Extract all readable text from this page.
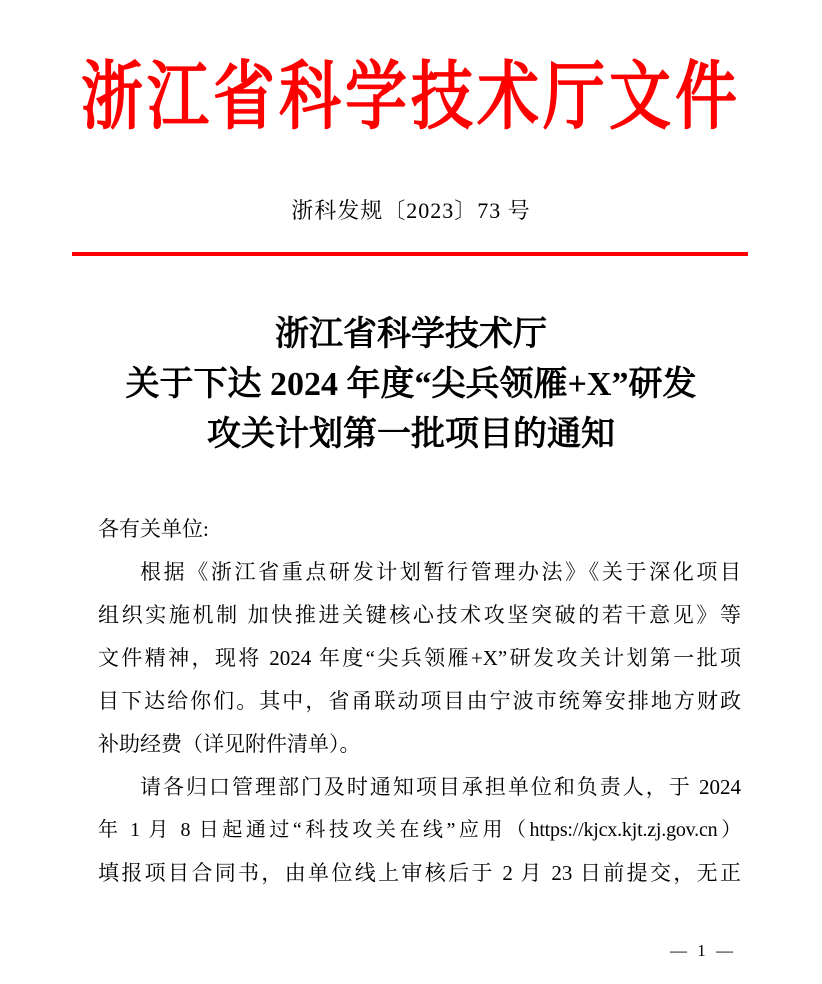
浙江省科学技术厅文件
浙科发规〔2023〕73 号
浙江省科学技术厅
关于下达 2024 年度“尖兵领雁+X”研发
攻关计划第一批项目的通知
各有关单位:
根据《浙江省重点研发计划暂行管理办法》《关于深化项目
组织实施机制 加快推进关键核心技术攻坚突破的若干意见》等
文件精神，现将 2024 年度“尖兵领雁+X”研发攻关计划第一批项
目下达给你们。其中，省甬联动项目由宁波市统筹安排地方财政
补助经费（详见附件清单）。
请各归口管理部门及时通知项目承担单位和负责人，于 2024
年 1 月 8 日起通过“科技攻关在线”应用（https://kjcx.kjt.zj.gov.cn）
填报项目合同书，由单位线上审核后于 2 月 23 日前提交，无正
— 1 —
